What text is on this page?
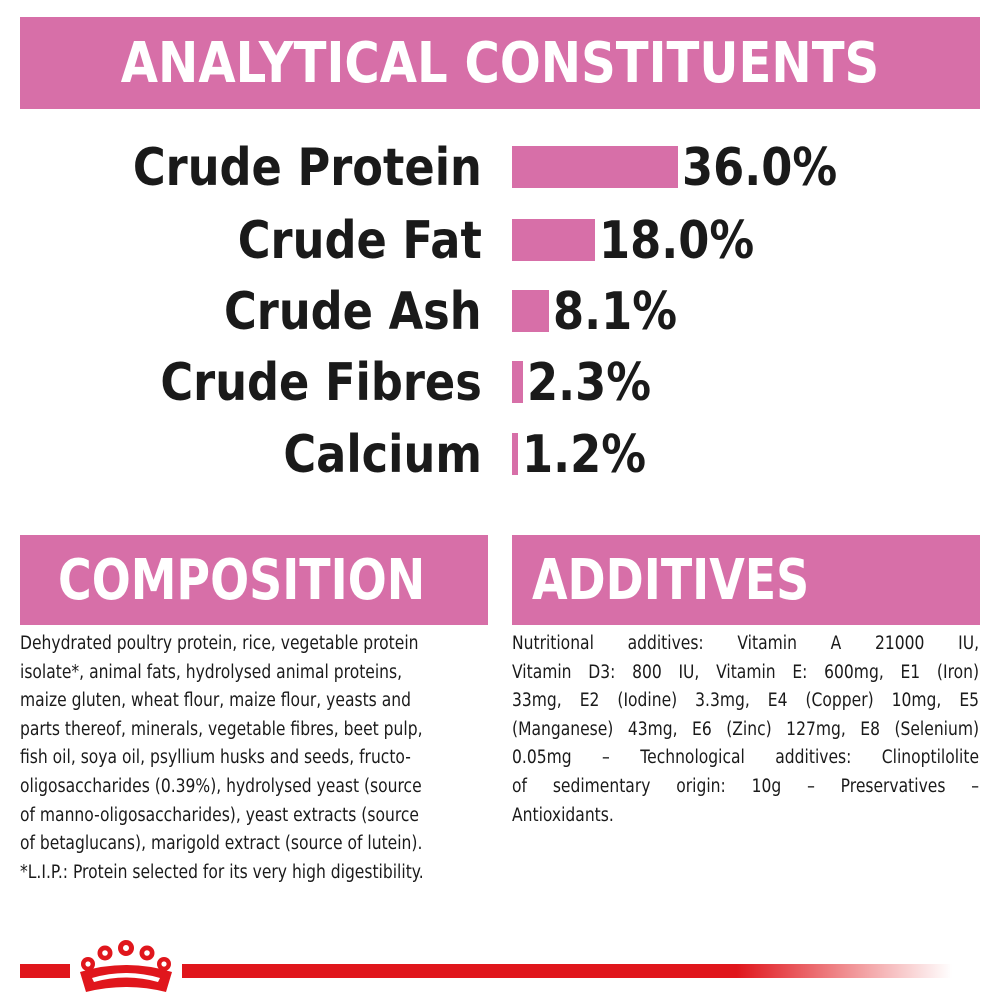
ANALYTICAL CONSTITUENTS
Crude Protein	36.0%
Crude Fat 18.0%
Crude Ash 8.1%
Crude Fibres 2.3%
Calcium 1.2%
COMPOSITION ADDITIVES
Dehydrated poultry protein, rice, vegetable protein
isolate*, animal fats, hydrolysed animal proteins,
maize gluten, wheat flour, maize flour, yeasts and
parts thereof, minerals, vegetable fibres, beet pulp,
fish oil, soya oil, psyllium husks and seeds, fructo-
oligosaccharides (0.39%), hydrolysed yeast (source
of manno-oligosaccharides), yeast extracts (source
of betaglucans), marigold extract (source of lutein).
*L.I.P.: Protein selected for its very high digestibility.
Nutritional additives: Vitamin A 21000 IU,
Vitamin D3: 800 IU, Vitamin E: 600mg, E1 (Iron)
33mg, E2 (Iodine) 3.3mg, E4 (Copper) 10mg, E5
(Manganese) 43mg, E6 (Zinc) 127mg, E8 (Selenium)
0.05mg – Technological additives: Clinoptilolite
of sedimentary origin: 10g – Preservatives –
Antioxidants.
